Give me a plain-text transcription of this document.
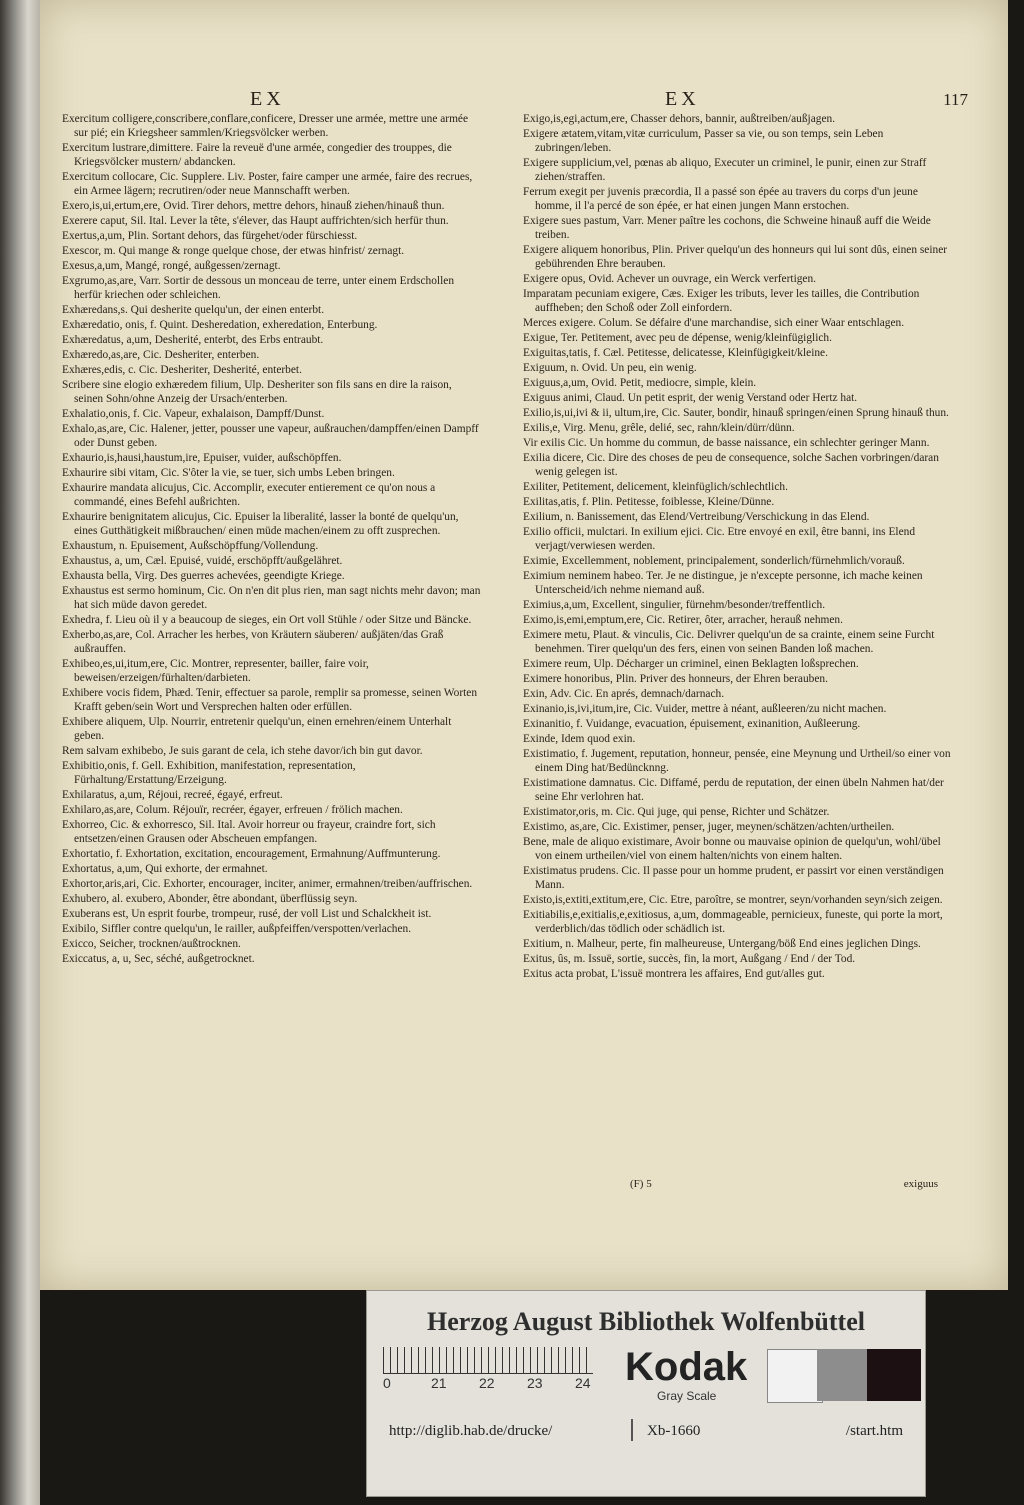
EX	EX	117
Exercitum colligere,conscribere,conflare,conficere, Dresser une armée, mettre une armée sur pié; ein Kriegsheer sammlen/Kriegsvölcker werben.
Exercitum lustrare,dimittere. Faire la reveuë d'une armée, congedier des trouppes, die Kriegsvölcker mustern/ abdancken.
Exercitum collocare, Cic. Supplere. Liv. Poster, faire camper une armée, faire des recrues, ein Armee lägern; recrutiren/oder neue Mannschafft werben.
Exero,is,ui,ertum,ere, Ovid. Tirer dehors, mettre dehors, hinauß ziehen/hinauß thun.
Exerere caput, Sil. Ital. Lever la tête, s'élever, das Haupt auffrichten/sich herfür thun.
Exertus,a,um, Plin. Sortant dehors, das fürgehet/oder fürschiesst.
Exescor, m. Qui mange & ronge quelque chose, der etwas hinfrist/ zernagt.
Exesus,a,um, Mangé, rongé, außgessen/zernagt.
Exgrumo,as,are, Varr. Sortir de dessous un monceau de terre, unter einem Erdschollen herfür kriechen oder schleichen.
Exhæredans,s. Qui desherite quelqu'un, der einen enterbt.
Exhæredatio, onis, f. Quint. Desheredation, exheredation, Enterbung.
Exhæredatus, a,um, Desherité, enterbt, des Erbs entraubt.
Exhæredo,as,are, Cic. Desheriter, enterben.
Exhæres,edis, c. Cic. Desheriter, Desherité, enterbet.
Scribere sine elogio exhæredem filium, Ulp. Desheriter son fils sans en dire la raison, seinen Sohn/ohne Anzeig der Ursach/enterben.
Exhalatio,onis, f. Cic. Vapeur, exhalaison, Dampff/Dunst.
Exhalo,as,are, Cic. Halener, jetter, pousser une vapeur, außrauchen/dampffen/einen Dampff oder Dunst geben.
Exhaurio,is,hausi,haustum,ire, Epuiser, vuider, außschöpffen.
Exhaurire sibi vitam, Cic. S'ôter la vie, se tuer, sich umbs Leben bringen.
Exhaurire mandata alicujus, Cic. Accomplir, executer entierement ce qu'on nous a commandé, eines Befehl außrichten.
Exhaurire benignitatem alicujus, Cic. Epuiser la liberalité, lasser la bonté de quelqu'un, eines Gutthätigkeit mißbrauchen/ einen müde machen/einem zu offt zusprechen.
Exhaustum, n. Epuisement, Außschöpffung/Vollendung.
Exhaustus, a, um, Cæl. Epuisé, vuidé, erschöpfft/außgelähret.
Exhausta bella, Virg. Des guerres achevées, geendigte Kriege.
Exhaustus est sermo hominum, Cic. On n'en dit plus rien, man sagt nichts mehr davon; man hat sich müde davon geredet.
Exhedra, f. Lieu où il y a beaucoup de sieges, ein Ort voll Stühle / oder Sitze und Bäncke.
Exherbo,as,are, Col. Arracher les herbes, von Kräutern säuberen/ außjäten/das Graß außrauffen.
Exhibeo,es,ui,itum,ere, Cic. Montrer, representer, bailler, faire voir, beweisen/erzeigen/fürhalten/darbieten.
Exhibere vocis fidem, Phæd. Tenir, effectuer sa parole, remplir sa promesse, seinen Worten Krafft geben/sein Wort und Versprechen halten oder erfüllen.
Exhibere aliquem, Ulp. Nourrir, entretenir quelqu'un, einen ernehren/einem Unterhalt geben.
Rem salvam exhibebo, Je suis garant de cela, ich stehe davor/ich bin gut davor.
Exhibitio,onis, f. Gell. Exhibition, manifestation, representation, Fürhaltung/Erstattung/Erzeigung.
Exhilaratus, a,um, Réjoui, recreé, égayé, erfreut.
Exhilaro,as,are, Colum. Réjouïr, recréer, égayer, erfreuen / frölich machen.
Exhorreo, Cic. & exhorresco, Sil. Ital. Avoir horreur ou frayeur, craindre fort, sich entsetzen/einen Grausen oder Abscheuen empfangen.
Exhortatio, f. Exhortation, excitation, encouragement, Ermahnung/Auffmunterung.
Exhortatus, a,um, Qui exhorte, der ermahnet.
Exhortor,aris,ari, Cic. Exhorter, encourager, inciter, animer, ermahnen/treiben/auffrischen.
Exhubero, al. exubero, Abonder, être abondant, überflüssig seyn.
Exuberans est, Un esprit fourbe, trompeur, rusé, der voll List und Schalckheit ist.
Exibilo, Siffler contre quelqu'un, le railler, außpfeiffen/verspotten/verlachen.
Exicco, Seicher, trocknen/außtrocknen.
Exiccatus, a, u, Sec, séché, außgetrocknet.
Exigo,is,egi,actum,ere, Chasser dehors, bannir, außtreiben/außjagen.
Exigere ætatem,vitam,vitæ curriculum, Passer sa vie, ou son temps, sein Leben zubringen/leben.
Exigere supplicium,vel, pœnas ab aliquo, Executer un criminel, le punir, einen zur Straff ziehen/straffen.
Ferrum exegit per juvenis præcordia, Il a passé son épée au travers du corps d'un jeune homme, il l'a percé de son épée, er hat einen jungen Mann erstochen.
Exigere sues pastum, Varr. Mener paître les cochons, die Schweine hinauß auff die Weide treiben.
Exigere aliquem honoribus, Plin. Priver quelqu'un des honneurs qui lui sont dûs, einen seiner gebührenden Ehre berauben.
Exigere opus, Ovid. Achever un ouvrage, ein Werck verfertigen.
Imparatam pecuniam exigere, Cæs. Exiger les tributs, lever les tailles, die Contribution auffheben; den Schoß oder Zoll einfordern.
Merces exigere. Colum. Se défaire d'une marchandise, sich einer Waar entschlagen.
Exigue, Ter. Petitement, avec peu de dépense, wenig/kleinfügiglich.
Exiguitas,tatis, f. Cæl. Petitesse, delicatesse, Kleinfügigkeit/kleine.
Exiguum, n. Ovid. Un peu, ein wenig.
Exiguus,a,um, Ovid. Petit, mediocre, simple, klein.
Exiguus animi, Claud. Un petit esprit, der wenig Verstand oder Hertz hat.
Exilio,is,ui,ivi & ii, ultum,ire, Cic. Sauter, bondir, hinauß springen/einen Sprung hinauß thun.
Exilis,e, Virg. Menu, grêle, delié, sec, rahn/klein/dürr/dünn.
Vir exilis Cic. Un homme du commun, de basse naissance, ein schlechter geringer Mann.
Exilia dicere, Cic. Dire des choses de peu de consequence, solche Sachen vorbringen/daran wenig gelegen ist.
Exiliter, Petitement, delicement, kleinfüglich/schlechtlich.
Exilitas,atis, f. Plin. Petitesse, foiblesse, Kleine/Dünne.
Exilium, n. Banissement, das Elend/Vertreibung/Verschickung in das Elend.
Exilio officii, mulctari. In exilium ejici. Cic. Etre envoyé en exil, être banni, ins Elend verjagt/verwiesen werden.
Eximie, Excellemment, noblement, principalement, sonderlich/fürnehmlich/vorauß.
Eximium neminem habeo. Ter. Je ne distingue, je n'excepte personne, ich mache keinen Unterscheid/ich nehme niemand auß.
Eximius,a,um, Excellent, singulier, fürnehm/besonder/treffentlich.
Eximo,is,emi,emptum,ere, Cic. Retirer, ôter, arracher, herauß nehmen.
Eximere metu, Plaut. & vinculis, Cic. Delivrer quelqu'un de sa crainte, einem seine Furcht benehmen. Tirer quelqu'un des fers, einen von seinen Banden loß machen.
Eximere reum, Ulp. Décharger un criminel, einen Beklagten loßsprechen.
Eximere honoribus, Plin. Priver des honneurs, der Ehren berauben.
Exin, Adv. Cic. En aprés, demnach/darnach.
Exinanio,is,ivi,itum,ire, Cic. Vuider, mettre à néant, außleeren/zu nicht machen.
Exinanitio, f. Vuidange, evacuation, épuisement, exinanition, Außleerung.
Exinde, Idem quod exin.
Existimatio, f. Jugement, reputation, honneur, pensée, eine Meynung und Urtheil/so einer von einem Ding hat/Bedüncknng.
Existimatione damnatus. Cic. Diffamé, perdu de reputation, der einen übeln Nahmen hat/der seine Ehr verlohren hat.
Existimator,oris, m. Cic. Qui juge, qui pense, Richter und Schätzer.
Existimo, as,are, Cic. Existimer, penser, juger, meynen/schätzen/achten/urtheilen.
Bene, male de aliquo existimare, Avoir bonne ou mauvaise opinion de quelqu'un, wohl/übel von einem urtheilen/viel von einem halten/nichts von einem halten.
Existimatus prudens. Cic. Il passe pour un homme prudent, er passirt vor einen verständigen Mann.
Existo,is,extiti,extitum,ere, Cic. Etre, paroître, se montrer, seyn/vorhanden seyn/sich zeigen.
Exitiabilis,e,exitialis,e,exitiosus, a,um, dommageable, pernicieux, funeste, qui porte la mort, verderblich/das tödlich oder schädlich ist.
Exitium, n. Malheur, perte, fin malheureuse, Untergang/böß End eines jeglichen Dings.
Exitus, ûs, m. Issuë, sortie, succès, fin, la mort, Außgang / End / der Tod.
Exitus acta probat, L'issuë montrera les affaires, End gut/alles gut.
(F) 5	exiguus
Herzog August Bibliothek Wolfenbüttel
0	21 22 23 24 Kodak
Gray Scale
http://diglib.hab.de/drucke/	Xb-1660	/start.htm
